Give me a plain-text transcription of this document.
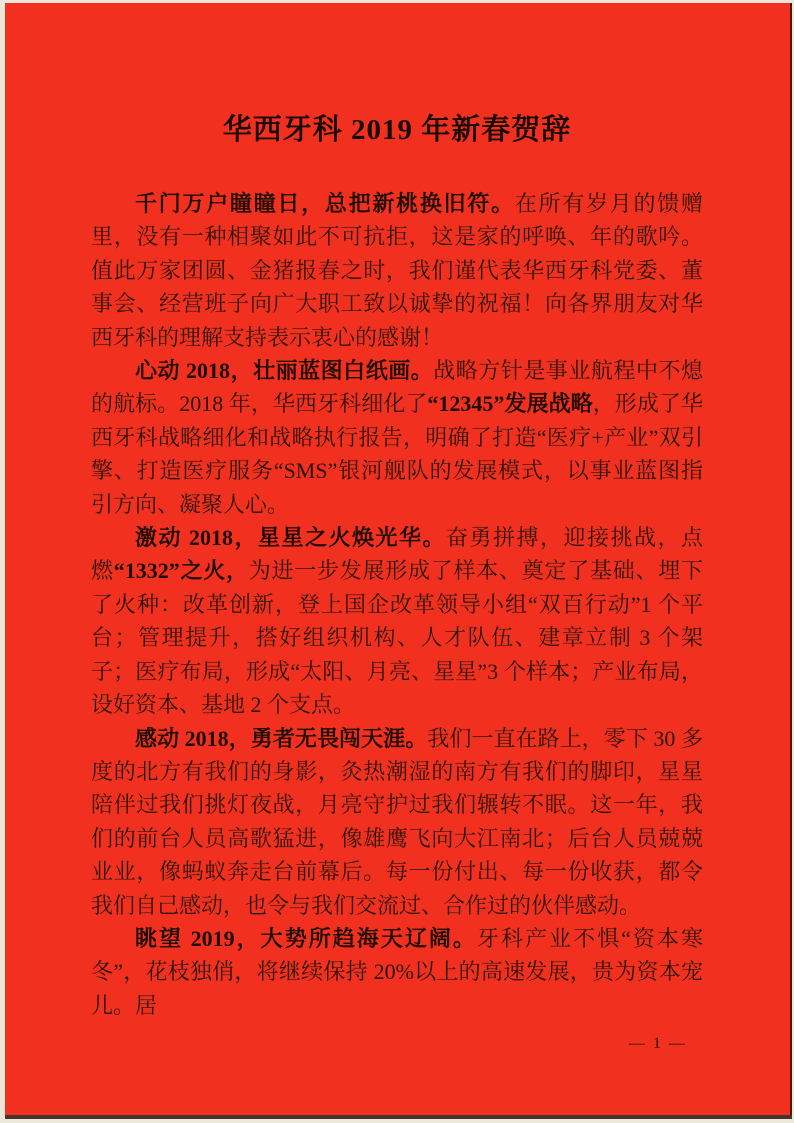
华西牙科 2019 年新春贺辞

千门万户瞳瞳日，总把新桃换旧符。在所有岁月的馈赠里，没有一种相聚如此不可抗拒，这是家的呼唤、年的歌吟。值此万家团圆、金猪报春之时，我们谨代表华西牙科党委、董事会、经营班子向广大职工致以诚挚的祝福！向各界朋友对华西牙科的理解支持表示衷心的感谢！

心动 2018，壮丽蓝图白纸画。战略方针是事业航程中不熄的航标。2018 年，华西牙科细化了“12345”发展战略，形成了华西牙科战略细化和战略执行报告，明确了打造“医疗+产业”双引擎、打造医疗服务“SMS”银河舰队的发展模式，以事业蓝图指引方向、凝聚人心。

激动 2018，星星之火焕光华。奋勇拼搏，迎接挑战，点燃“1332”之火，为进一步发展形成了样本、奠定了基础、埋下了火种：改革创新，登上国企改革领导小组“双百行动”1 个平台；管理提升，搭好组织机构、人才队伍、建章立制 3 个架子；医疗布局，形成“太阳、月亮、星星”3 个样本；产业布局，设好资本、基地 2 个支点。

感动 2018，勇者无畏闯天涯。我们一直在路上，零下 30 多度的北方有我们的身影，灸热潮湿的南方有我们的脚印，星星陪伴过我们挑灯夜战，月亮守护过我们辗转不眠。这一年，我们的前台人员高歌猛进，像雄鹰飞向大江南北；后台人员兢兢业业，像蚂蚁奔走台前幕后。每一份付出、每一份收获，都令我们自己感动，也令与我们交流过、合作过的伙伴感动。

眺望 2019，大势所趋海天辽阔。牙科产业不惧“资本寒冬”，花枝独俏，将继续保持 20%以上的高速发展，贵为资本宠儿。居

— 1 —
